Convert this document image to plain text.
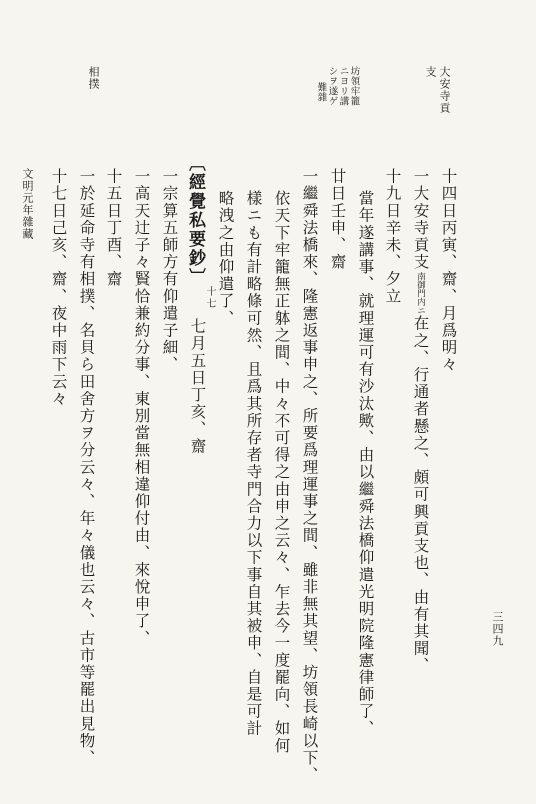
大安寺貢
支
坊領牢籠
ニヨリ講
シヲ遂ゲ
難雜
相撲
十四日丙寅、齋、月爲明々
一大安寺貢支南御門内ニ在之、行通者懸之、頗可興貢支也、由有其聞、
十九日辛未、夕立
當年遂講事、就理運可有沙汰歟、由以繼舜法橋仰遣光明院隆憲律師了、
廿日壬申、齋
一繼舜法橋來、隆憲返事申之、所要爲理運事之間、雖非無其望、坊領長崎以下、
依天下牢籠無正躰之間、中々不可得之由申之云々、乍去今一度罷向、如何
樣ニも有計略條可然、且爲其所存者寺門合力以下事自其被申、自是可計
略洩之由仰遣了、
〔經覺私要鈔〕
十七
七月五日丁亥、齋
一宗算五師方有仰遣子細、
一高天辻子々賢恰兼約分事、東別當無相違仰付由、來悅申了、
十五日丁酉、齋
一於延命寺有相撲、名貝ら田舍方ヲ分云々、年々儀也云々、古市等罷出見物、
十七日己亥、齋、夜中雨下云々
文明元年雜藏
三四九
